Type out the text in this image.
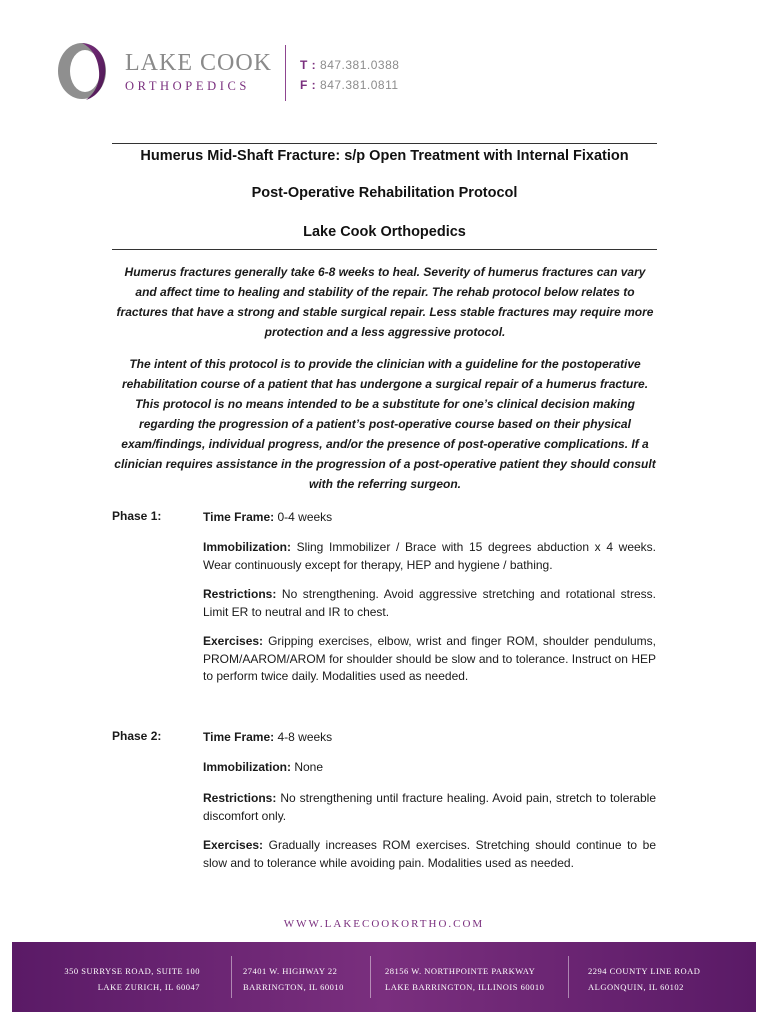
LAKE COOK
ORTHOPEDICS
T : 847.381.0388
F : 847.381.0811
Humerus Mid-Shaft Fracture: s/p Open Treatment with Internal Fixation
Post-Operative Rehabilitation Protocol
Lake Cook Orthopedics
Humerus fractures generally take 6-8 weeks to heal. Severity of humerus fractures can vary
and affect time to healing and stability of the repair. The rehab protocol below relates to
fractures that have a strong and stable surgical repair. Less stable fractures may require more
protection and a less aggressive protocol.
The intent of this protocol is to provide the clinician with a guideline for the postoperative
rehabilitation course of a patient that has undergone a surgical repair of a humerus fracture.
This protocol is no means intended to be a substitute for one’s clinical decision making
regarding the progression of a patient’s post-operative course based on their physical
exam/findings, individual progress, and/or the presence of post-operative complications. If a
clinician requires assistance in the progression of a post-operative patient they should consult
with the referring surgeon.
Phase 1:	Time Frame: 0-4 weeks
Immobilization: Sling Immobilizer / Brace with 15 degrees abduction x 4 weeks. Wear continuously except for therapy, HEP and hygiene / bathing.
Restrictions: No strengthening. Avoid aggressive stretching and rotational stress. Limit ER to neutral and IR to chest.
Exercises: Gripping exercises, elbow, wrist and finger ROM, shoulder pendulums, PROM/AAROM/AROM for shoulder should be slow and to tolerance. Instruct on HEP to perform twice daily. Modalities used as needed.
Phase 2:	Time Frame: 4-8 weeks
Immobilization: None
Restrictions: No strengthening until fracture healing. Avoid pain, stretch to tolerable discomfort only.
Exercises: Gradually increases ROM exercises. Stretching should continue to be slow and to tolerance while avoiding pain. Modalities used as needed.
WWW.LAKECOOKORTHO.COM
350 SURRYSE ROAD, SUITE 100
LAKE ZURICH, IL 60047
27401 W. HIGHWAY 22
BARRINGTON, IL 60010
28156 W. NORTHPOINTE PARKWAY
LAKE BARRINGTON, ILLINOIS 60010
2294 COUNTY LINE ROAD
ALGONQUIN, IL 60102
